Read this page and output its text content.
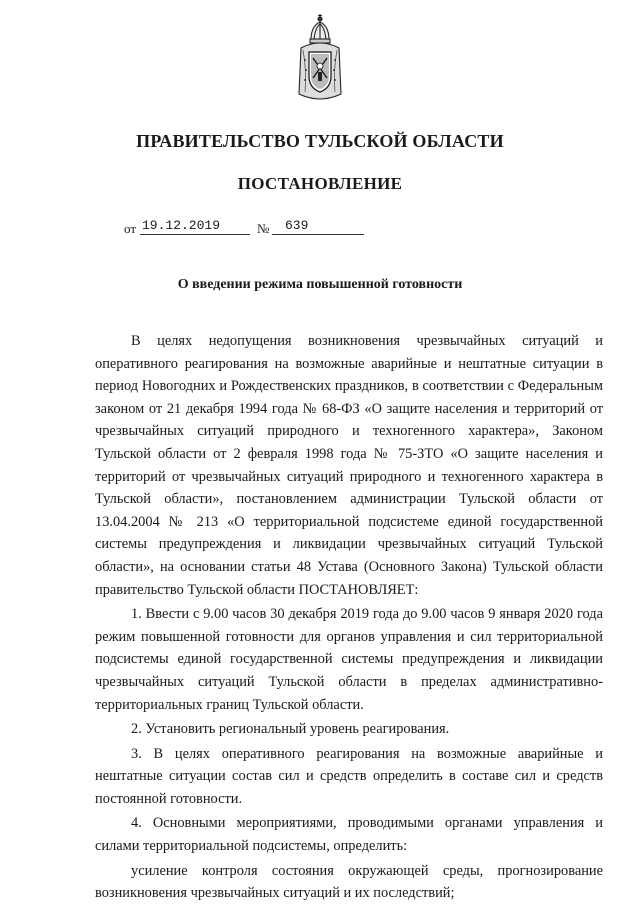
ПРАВИТЕЛЬСТВО ТУЛЬСКОЙ ОБЛАСТИ
ПОСТАНОВЛЕНИЕ
от 19.12.2019	№ 639
О введении режима повышенной готовности

В целях недопущения возникновения чрезвычайных ситуаций и оперативного реагирования на возможные аварийные и нештатные ситуации в период Новогодних и Рождественских праздников, в соответствии с Федеральным законом от 21 декабря 1994 года № 68-ФЗ «О защите населения и территорий от чрезвычайных ситуаций природного и техногенного характера», Законом Тульской области от 2 февраля 1998 года № 75-ЗТО «О защите населения и территорий от чрезвычайных ситуаций природного и техногенного характера в Тульской области», постановлением администрации Тульской области от 13.04.2004 № 213 «О территориальной подсистеме единой государственной системы предупреждения и ликвидации чрезвычайных ситуаций Тульской области», на основании статьи 48 Устава (Основного Закона) Тульской области правительство Тульской области ПОСТАНОВЛЯЕТ:

1. Ввести с 9.00 часов 30 декабря 2019 года до 9.00 часов 9 января 2020 года режим повышенной готовности для органов управления и сил территориальной подсистемы единой государственной системы предупреждения и ликвидации чрезвычайных ситуаций Тульской области в пределах административно-территориальных границ Тульской области.

2. Установить региональный уровень реагирования.

3. В целях оперативного реагирования на возможные аварийные и нештатные ситуации состав сил и средств определить в составе сил и средств постоянной готовности.

4. Основными мероприятиями, проводимыми органами управления и силами территориальной подсистемы, определить:

усиление контроля состояния окружающей среды, прогнозирование возникновения чрезвычайных ситуаций и их последствий;
